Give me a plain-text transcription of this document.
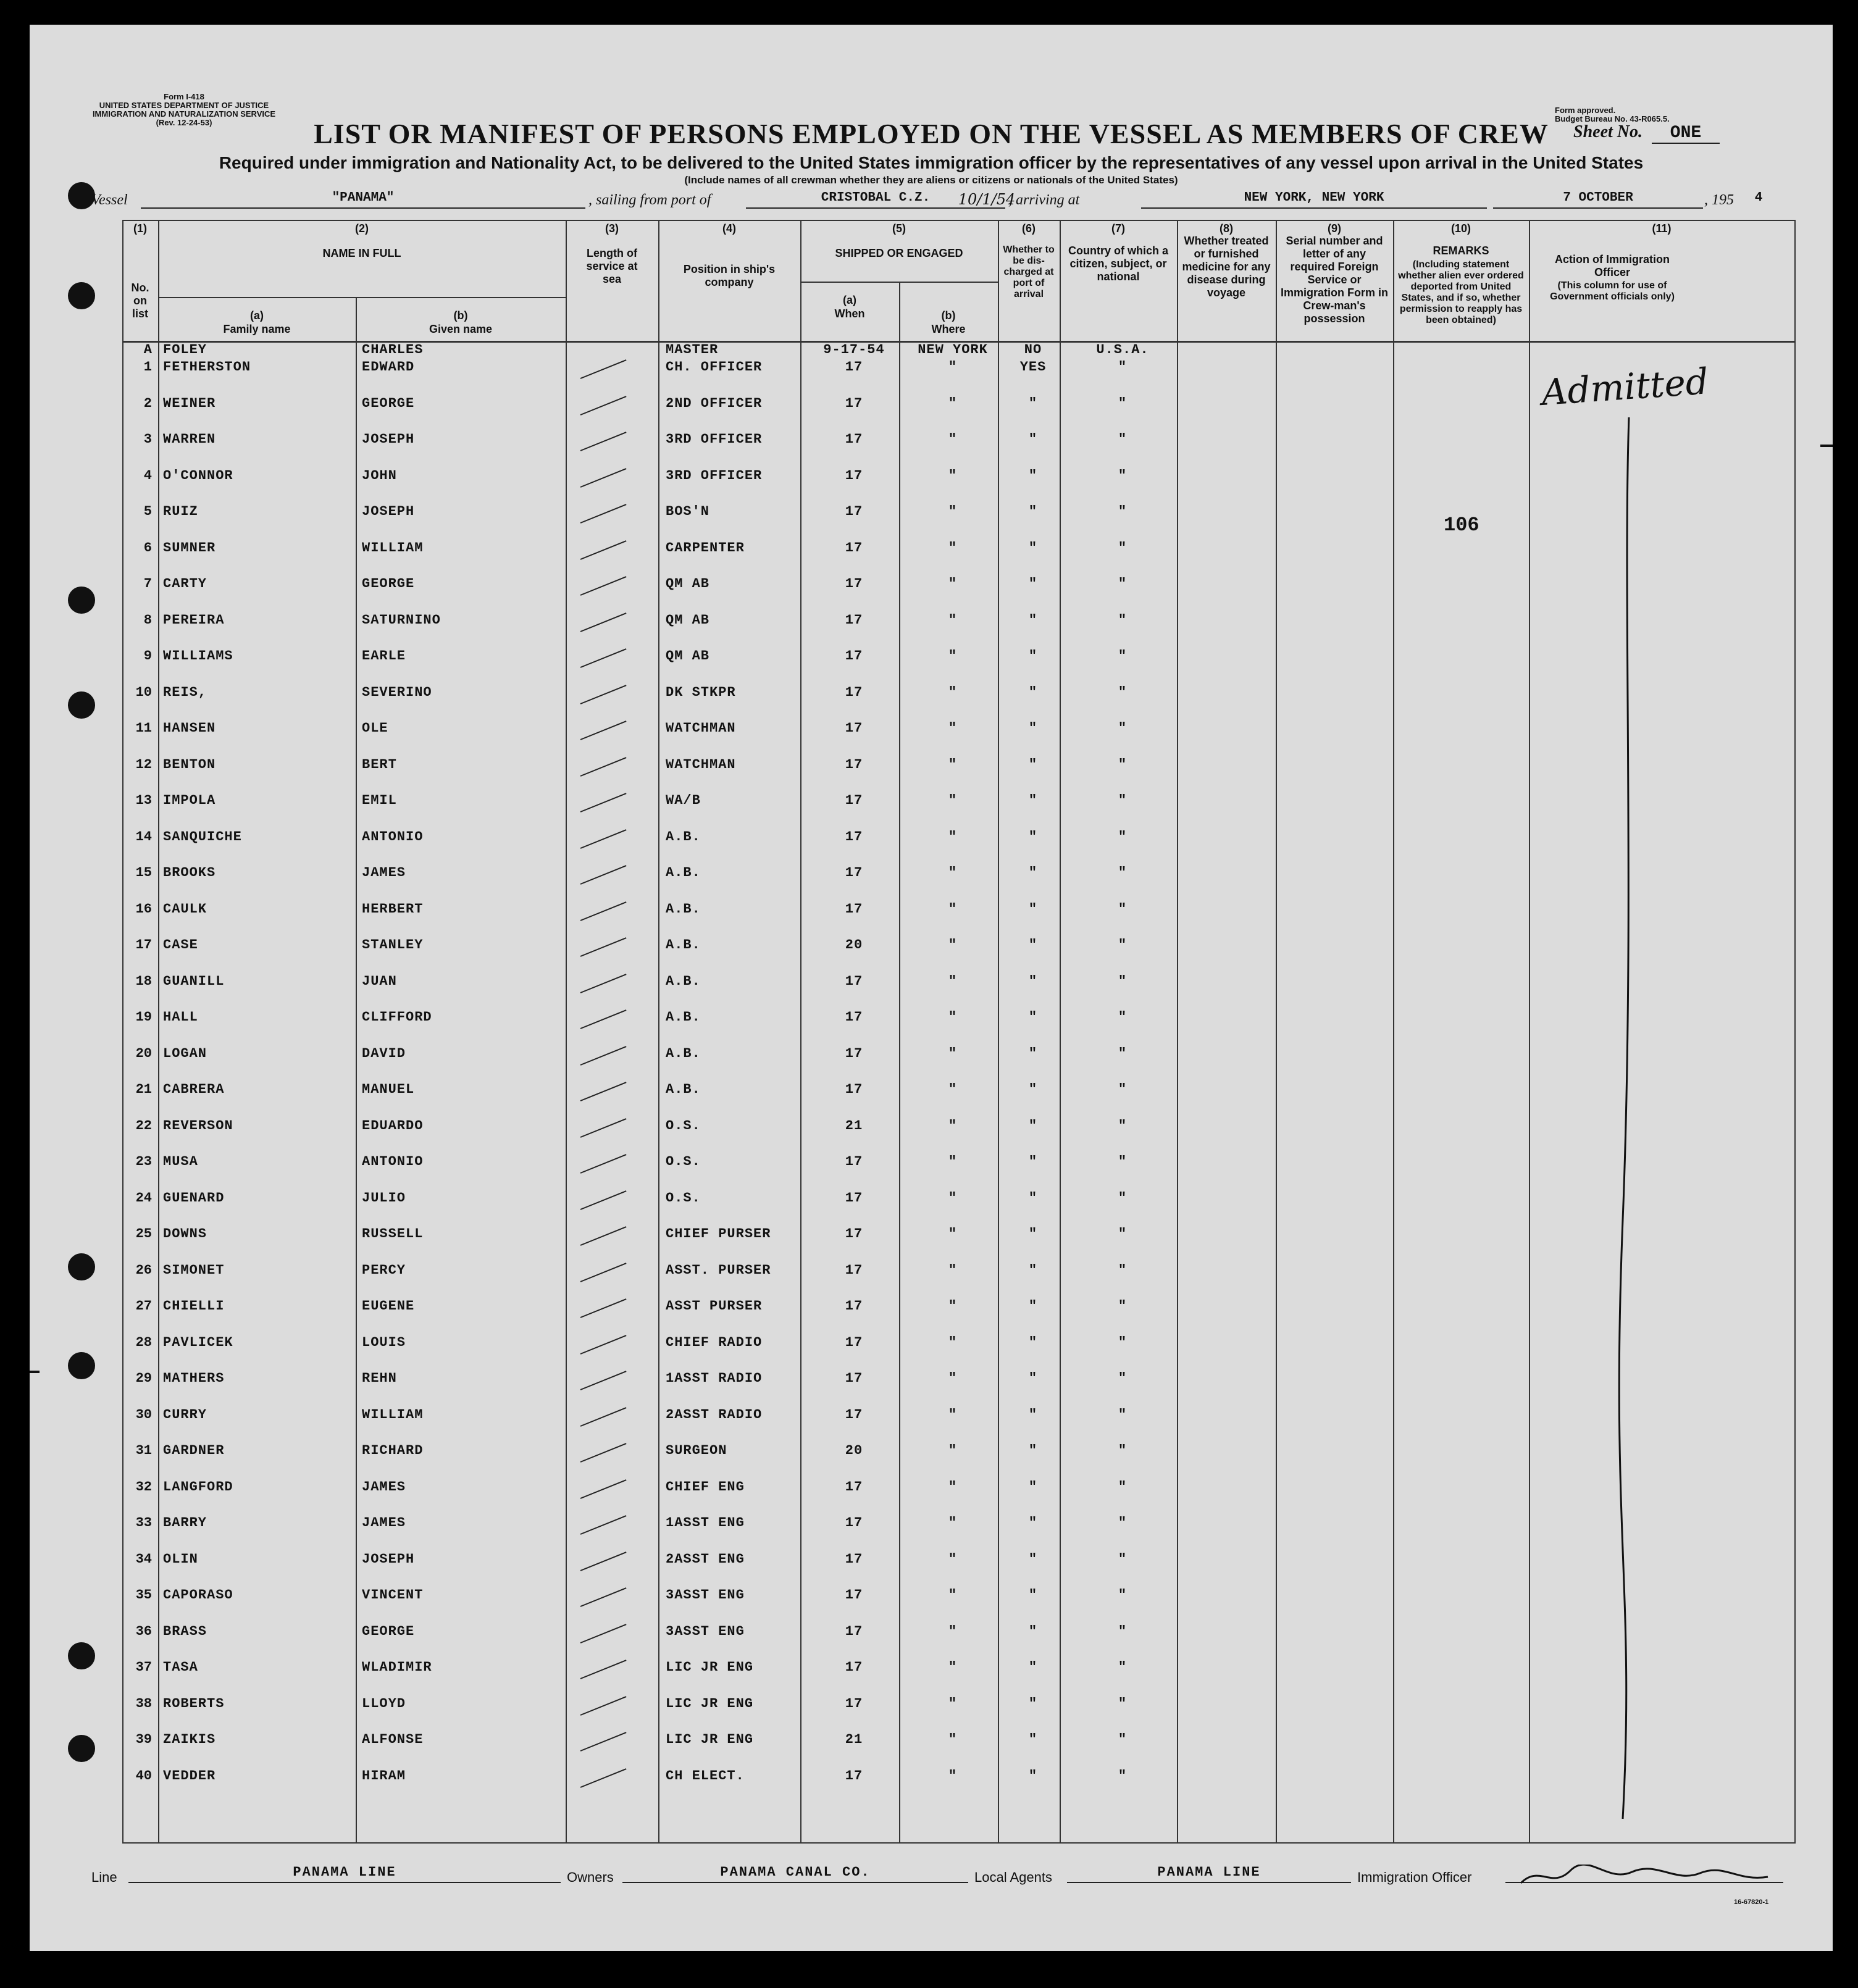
Form I-418
UNITED STATES DEPARTMENT OF JUSTICE
IMMIGRATION AND NATURALIZATION SERVICE
(Rev. 12-24-53)
Form approved.
Budget Bureau No. 43-R065.5.
LIST OR MANIFEST OF PERSONS EMPLOYED ON THE VESSEL AS MEMBERS OF CREW	Sheet No. ONE
Required under immigration and Nationality Act, to be delivered to the United States immigration officer by the representatives of any vessel upon arrival in the United States
(Include names of all crewman whether they are aliens or citizens or nationals of the United States)
Vessel	"PANAMA"	, sailing from port of	CRISTOBAL C.Z.	10/1/54
, arriving at	NEW YORK, NEW YORK	7 OCTOBER	, 195 4
(1)
No. on list
(2)
NAME IN FULL
(a)
Family name
(b)
Given name
(3)
Length of service at sea
(4)
Position in ship's company
(5)
SHIPPED OR ENGAGED
(a)
When	(b)
Where
(6)
Whether to be dis-charged at port of arrival
(7)
Country of which a citizen, subject, or national
(8)
Whether treated or furnished medicine for any disease during voyage
(9)
Serial number and letter of any required Foreign Service or Immigration Form in Crew-man's possession
(10)
REMARKS
(Including statement whether alien ever ordered deported from United States, and if so, whether permission to reapply has been obtained)
(11)
Action of Immigration Officer
(This column for use of Government officials only)
A FOLEY	CHARLES	MASTER	9-17-54	NEW YORK	NO	U.S.A.
1 FETHERSTON	EDWARD	CH. OFFICER	17	"	YES	"
2 WEINER	GEORGE	2ND OFFICER	17	"	"	"
3 WARREN	JOSEPH	3RD OFFICER	17	"	"	"
4 O'CONNOR	JOHN	3RD OFFICER	17	"	"	"
5 RUIZ	JOSEPH	BOS'N	17	"	"	"
6 SUMNER	WILLIAM	CARPENTER	17	"	"	"
7 CARTY	GEORGE	QM AB	17	"	"	"
8 PEREIRA	SATURNINO	QM AB	17	"	"	"
9 WILLIAMS	EARLE	QM AB	17	"	"	"
10 REIS,	SEVERINO	DK STKPR	17	"	"	"
11 HANSEN	OLE	WATCHMAN	17	"	"	"
12 BENTON	BERT	WATCHMAN	17	"	"	"
13 IMPOLA	EMIL	WA/B	17	"	"	"
14 SANQUICHE	ANTONIO	A.B.	17	"	"	"
15 BROOKS	JAMES	A.B.	17	"	"	"
16 CAULK	HERBERT	A.B.	17	"	"	"
17 CASE	STANLEY	A.B.	20	"	"	"
18 GUANILL	JUAN	A.B.	17	"	"	"
19 HALL	CLIFFORD	A.B.	17	"	"	"
20 LOGAN	DAVID	A.B.	17	"	"	"
21 CABRERA	MANUEL	A.B.	17	"	"	"
22 REVERSON	EDUARDO	O.S.	21	"	"	"
23 MUSA	ANTONIO	O.S.	17	"	"	"
24 GUENARD	JULIO	O.S.	17	"	"	"
25 DOWNS	RUSSELL	CHIEF PURSER	17	"	"	"
26 SIMONET	PERCY	ASST. PURSER	17	"	"	"
27 CHIELLI	EUGENE	ASST PURSER	17	"	"	"
28 PAVLICEK	LOUIS	CHIEF RADIO	17	"	"	"
29 MATHERS	REHN	1ASST RADIO	17	"	"	"
30 CURRY	WILLIAM	2ASST RADIO	17	"	"	"
31 GARDNER	RICHARD	SURGEON	20	"	"	"
32 LANGFORD	JAMES	CHIEF ENG	17	"	"	"
33 BARRY	JAMES	1ASST ENG	17	"	"	"
34 OLIN	JOSEPH	2ASST ENG	17	"	"	"
35 CAPORASO	VINCENT	3ASST ENG	17	"	"	"
36 BRASS	GEORGE	3ASST ENG	17	"	"	"
37 TASA	WLADIMIR	LIC JR ENG	17	"	"	"
38 ROBERTS	LLOYD	LIC JR ENG	17	"	"	"
39 ZAIKIS	ALFONSE	LIC JR ENG	21	"	"	"
40 VEDDER	HIRAM	CH ELECT.	17	"	"	"
106
Admitted
Line	PANAMA LINE	Owners	PANAMA CANAL CO.	Local Agents	PANAMA LINE	Immigration Officer
16-67820-1
